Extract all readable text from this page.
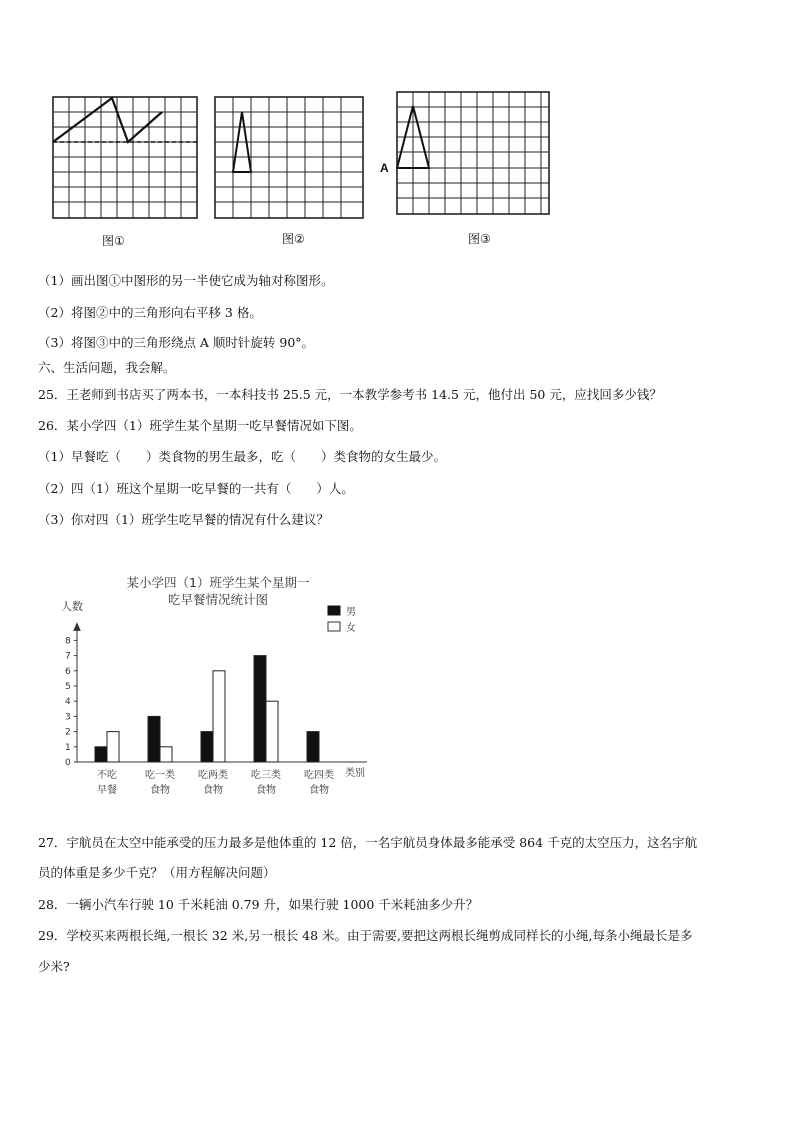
图①	图②
A
图③
（1）画出图①中图形的另一半使它成为轴对称图形。
（2）将图②中的三角形向右平移 3 格。
（3）将图③中的三角形绕点 A 顺时针旋转 90°。
六、生活问题，我会解。
25．王老师到书店买了两本书，一本科技书 25.5 元，一本教学参考书 14.5 元，他付出 50 元，应找回多少钱？
26．某小学四（1）班学生某个星期一吃早餐情况如下图。
（1）早餐吃（　　）类食物的男生最多，吃（　　）类食物的女生最少。
（2）四（1）班这个星期一吃早餐的一共有（　　）人。
（3）你对四（1）班学生吃早餐的情况有什么建议？
某小学四（1）班学生某个星期一
吃早餐情况统计图
人数
类别
男
女
0
1
2
3
4
5
6
7
8
不吃
早餐
吃一类
食物
吃两类
食物
吃三类
食物
吃四类
食物
27．宇航员在太空中能承受的压力最多是他体重的 12 倍，一名宇航员身体最多能承受 864 千克的太空压力，这名宇航
员的体重是多少千克？（用方程解决问题）
28．一辆小汽车行驶 10 千米耗油 0.79 升，如果行驶 1000 千米耗油多少升？
29．学校买来两根长绳,一根长 32 米,另一根长 48 米。由于需要,要把这两根长绳剪成同样长的小绳,每条小绳最长是多
少米?
